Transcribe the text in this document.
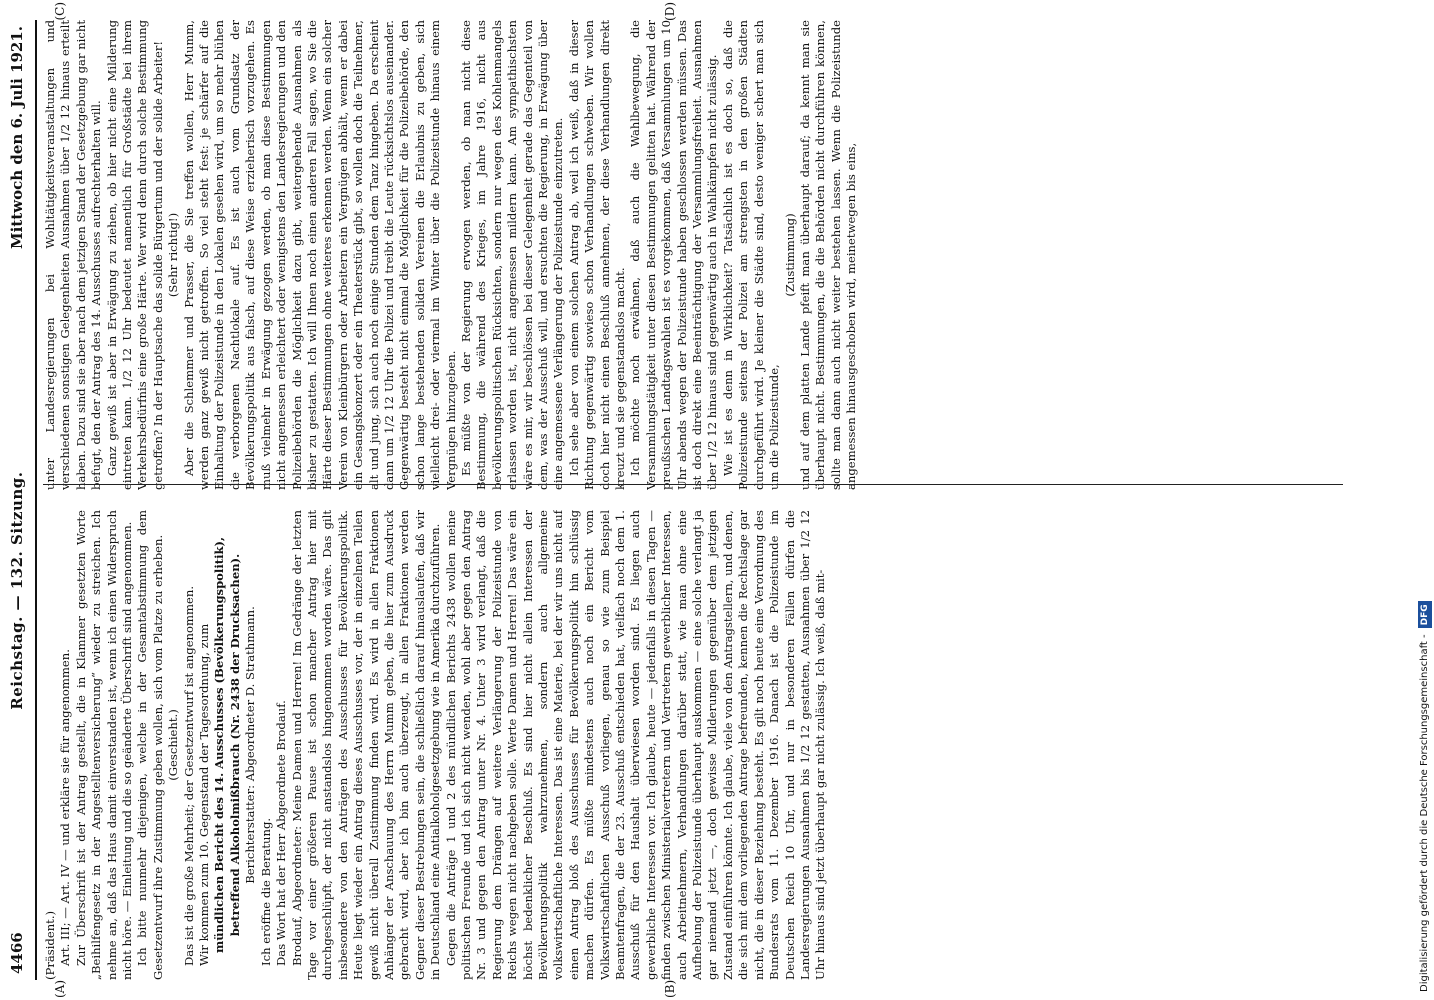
4466
Reichstag. — 132. Sitzung.
Mittwoch den 6. Juli 1921.
(A)	(B)
(C)	(D)

(Präsident.) Art. III; — Art. IV — und erkläre sie für angenommen. Zur Überschrift ist der Antrag gestellt, die in Klammer gesetzten Worte „Beihilfengesetz in der Angestelltenversicherung“ wieder zu streichen. Ich nehme an, daß das Haus damit einverstanden ist, wenn ich einen Widerspruch nicht höre. — Einleitung und die so geänderte Überschrift sind angenommen. Ich bitte nunmehr diejenigen, welche in der Gesamtabstimmung dem Gesetzentwurf ihre Zustimmung geben wollen, sich vom Platze zu erheben. (Geschieht.) Das ist die große Mehrheit; der Gesetzentwurf ist angenommen. Wir kommen zum 10. Gegenstand der Tagesordnung, zum mündlichen Bericht des 14. Ausschusses (Bevölkerungspolitik), betreffend Alkoholmißbrauch (Nr. 2438 der Drucksachen). Berichterstatter: Abgeordneter D. Strathmann.

Ich eröffne die Beratung. Das Wort hat der Herr Abgeordnete Brodauf. Brodauf, Abgeordneter: Meine Damen und Herren! Im Gedränge der letzten Tage vor einer größeren Pause ist schon mancher Antrag hier mit durchgeschlüpft, der nicht anstandslos hingenommen worden wäre. Das gilt insbesondere von den Anträgen des Ausschusses für Bevölkerungspolitik. Heute liegt wieder ein Antrag dieses Ausschusses vor, der in einzelnen Teilen gewiß nicht überall Zustimmung finden wird. Es wird in allen Fraktionen Anhänger der Anschauung des Herrn Mumm geben, die hier zum Ausdruck gebracht wird, aber ich bin auch überzeugt, in allen Fraktionen werden Gegner dieser Bestrebungen sein, die schließlich darauf hinauslaufen, daß wir in Deutschland eine Antialkoholgesetzgebung wie in Amerika durchzuführen. Gegen die Anträge 1 und 2 des mündlichen Berichts 2438 wollen meine politischen Freunde und ich sich nicht wenden, wohl aber gegen den Antrag Nr. 3 und gegen den Antrag unter Nr. 4. Unter 3 wird verlangt, daß die Regierung dem Drängen auf weitere Verlängerung der Polizeistunde von Reichs wegen nicht nachgeben solle. Werte Damen und Herren! Das wäre ein höchst bedenklicher Beschluß. Es sind hier nicht allein Interessen der Bevölkerungspolitik wahrzunehmen, sondern auch allgemeine volkswirtschaftliche Interessen. Das ist eine Materie, bei der wir uns nicht auf einen Antrag bloß des Ausschusses für Bevölkerungspolitik hin schlüssig machen dürfen. Es müßte mindestens auch noch ein Bericht vom Volkswirtschaftlichen Ausschuß vorliegen, genau so wie zum Beispiel Beamtenfragen, die der 23. Ausschuß entschieden hat, vielfach noch dem 1. Ausschuß für den Haushalt überwiesen worden sind. Es liegen auch gewerbliche Interessen vor. Ich glaube, heute — jedenfalls in diesen Tagen — finden zwischen Ministerialvertretern und Vertretern gewerblicher Interessen, auch Arbeitnehmern, Verhandlungen darüber statt, wie man ohne eine Aufhebung der Polizeistunde überhaupt auskommen — eine solche verlangt ja gar niemand jetzt —, doch gewisse Milderungen gegenüber dem jetzigen Zustand einführen könnte. Ich glaube, viele von den Antragstellern, und denen, die sich mit dem vorliegenden Antrage befreunden, kennen die Rechtslage gar nicht, die in dieser Beziehung besteht. Es gilt noch heute eine Verordnung des Bundesrats vom 11. Dezember 1916. Danach ist die Polizeistunde im Deutschen Reich 10 Uhr, und nur in besonderen Fällen dürfen die Landesregierungen Ausnahmen bis 1/2 12 gestatten, Ausnahmen über 1/2 12 Uhr hinaus sind jetzt überhaupt gar nicht zulässig. Ich weiß, daß mit-

unter Landesregierungen bei Wohltätigkeitsveranstaltungen und verschiedenen sonstigen Gelegenheiten Ausnahmen über 1/2 12 hinaus erteilt haben. Dazu sind sie aber nach dem jetzigen Stand der Gesetzgebung gar nicht befugt, den der Antrag des 14. Ausschusses aufrechterhalten will. Ganz gewiß ist aber in Erwägung zu ziehen, ob hier nicht eine Milderung eintreten kann. 1/2 12 Uhr bedeutet namentlich für Großstädte bei ihrem Verkehrsbedürfnis eine große Härte. Wer wird denn durch solche Bestimmung getroffen? In der Hauptsache das solide Bürgertum und der solide Arbeiter! (Sehr richtig!) Aber die Schlemmer und Prasser, die Sie treffen wollen, Herr Mumm, werden ganz gewiß nicht getroffen. So viel steht fest: je schärfer auf die Einhaltung der Polizeistunde in den Lokalen gesehen wird, um so mehr blühen die verborgenen Nachtlokale auf. Es ist auch vom Grundsatz der Bevölkerungspolitik aus falsch, auf diese Weise erzieherisch vorzugehen. Es muß vielmehr in Erwägung gezogen werden, ob man diese Bestimmungen nicht angemessen erleichtert oder wenigstens den Landesregierungen und den Polizeibehörden die Möglichkeit dazu gibt, weitergehende Ausnahmen als bisher zu gestatten. Ich will Ihnen noch einen anderen Fall sagen, wo Sie die Härte dieser Bestimmungen ohne weiteres erkennen werden. Wenn ein solcher Verein von Kleinbürgern oder Arbeitern ein Vergnügen abhält, wenn er dabei ein Gesangskonzert oder ein Theaterstück gibt, so wollen doch die Teilnehmer, alt und jung, sich auch noch einige Stunden dem Tanz hingeben. Da erscheint dann um 1/2 12 Uhr die Polizei und treibt die Leute rücksichtslos auseinander. Gegenwärtig besteht nicht einmal die Möglichkeit für die Polizeibehörde, den schon lange bestehenden soliden Vereinen die Erlaubnis zu geben, sich vielleicht drei- oder viermal im Winter über die Polizeistunde hinaus einem Vergnügen hinzugeben. Es müßte von der Regierung erwogen werden, ob man nicht diese Bestimmung, die während des Krieges, im Jahre 1916, nicht aus bevölkerungspolitischen Rücksichten, sondern nur wegen des Kohlenmangels erlassen worden ist, nicht angemessen mildern kann. Am sympathischsten wäre es mir, wir beschlössen bei dieser Gelegenheit gerade das Gegenteil von dem, was der Ausschuß will, und ersuchten die Regierung, in Erwägung über eine angemessene Verlängerung der Polizeistunde einzutreten. Ich sehe aber von einem solchen Antrag ab, weil ich weiß, daß in dieser Richtung gegenwärtig sowieso schon Verhandlungen schweben. Wir wollen doch hier nicht einen Beschluß annehmen, der diese Verhandlungen direkt kreuzt und sie gegenstandslos macht. Ich möchte noch erwähnen, daß auch die Wahlbewegung, die Versammlungstätigkeit unter diesen Bestimmungen gelitten hat. Während der preußischen Landtagswahlen ist es vorgekommen, daß Versammlungen um 10 Uhr abends wegen der Polizeistunde haben geschlossen werden müssen. Das ist doch direkt eine Beeinträchtigung der Versammlungsfreiheit. Ausnahmen über 1/2 12 hinaus sind gegenwärtig auch in Wahlkämpfen nicht zulässig. Wie ist es denn in Wirklichkeit? Tatsächlich ist es doch so, daß die Polizeistunde seitens der Polizei am strengsten in den großen Städten durchgeführt wird. Je kleiner die Städte sind, desto weniger schert man sich um die Polizeistunde,

(Zustimmung) und auf dem platten Lande pfeift man überhaupt darauf; da kennt man sie überhaupt nicht. Bestimmungen, die die Behörden nicht durchführen können, sollte man dann auch nicht weiter bestehen lassen. Wenn die Polizeistunde angemessen hinausgeschoben wird, meinetwegen bis eins,

Digitalisierung gefördert durch die Deutsche Forschungsgemeinschaft -DFG
